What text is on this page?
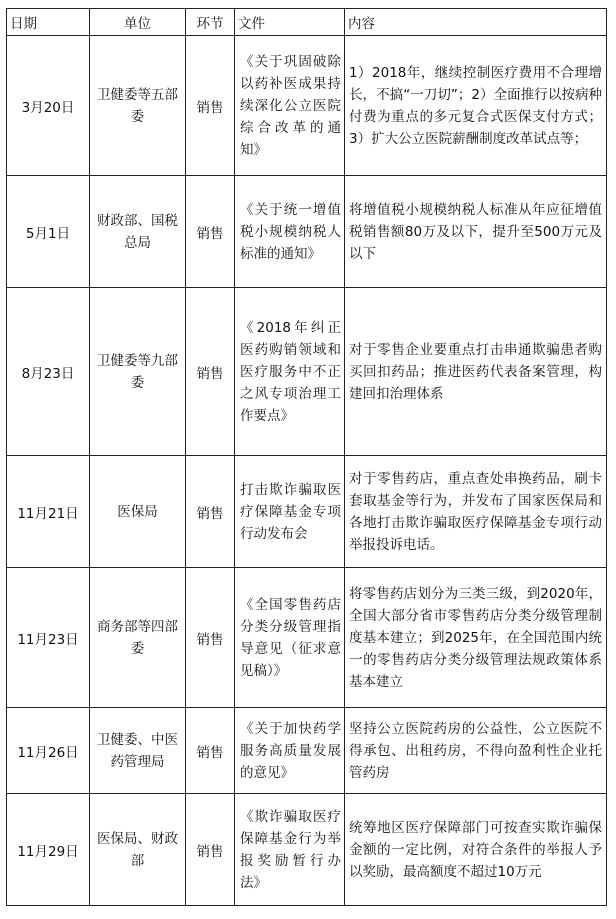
日期	单位	环节	文件	内容
3月20日	卫健委等五部委	销售	《关于巩固破除以药补医成果持续深化公立医院综合改革的通知》	1）2018年，继续控制医疗费用不合理增长，不搞“一刀切”；2）全面推行以按病种付费为重点的多元复合式医保支付方式；3）扩大公立医院薪酬制度改革试点等；

5月1日	财政部、国税总局	销售	《关于统一增值税小规模纳税人标准的通知》	将增值税小规模纳税人标准从年应征增值税销售额80万及以下，提升至500万元及以下

8月23日	卫健委等九部委	销售	《2018年纠正医药购销领域和医疗服务中不正之风专项治理工作要点》	对于零售企业要重点打击串通欺骗患者购买回扣药品；推进医药代表备案管理，构建回扣治理体系

11月21日	医保局	销售	打击欺诈骗取医疗保障基金专项行动发布会	对于零售药店，重点查处串换药品，刷卡套取基金等行为，并发布了国家医保局和各地打击欺诈骗取医疗保障基金专项行动举报投诉电话。

11月23日	商务部等四部委	销售	《全国零售药店分类分级管理指导意见（征求意见稿）》	将零售药店划分为三类三级，到2020年，全国大部分省市零售药店分类分级管理制度基本建立；到2025年，在全国范围内统一的零售药店分类分级管理法规政策体系基本建立

11月26日	卫健委、中医药管理局	销售	《关于加快药学服务高质量发展的意见》	坚持公立医院药房的公益性，公立医院不得承包、出租药房，不得向盈利性企业托管药房

11月29日	医保局、财政部	销售	《欺诈骗取医疗保障基金行为举报奖励暂行办法》	统筹地区医疗保障部门可按查实欺诈骗保金额的一定比例，对符合条件的举报人予以奖励，最高额度不超过10万元
